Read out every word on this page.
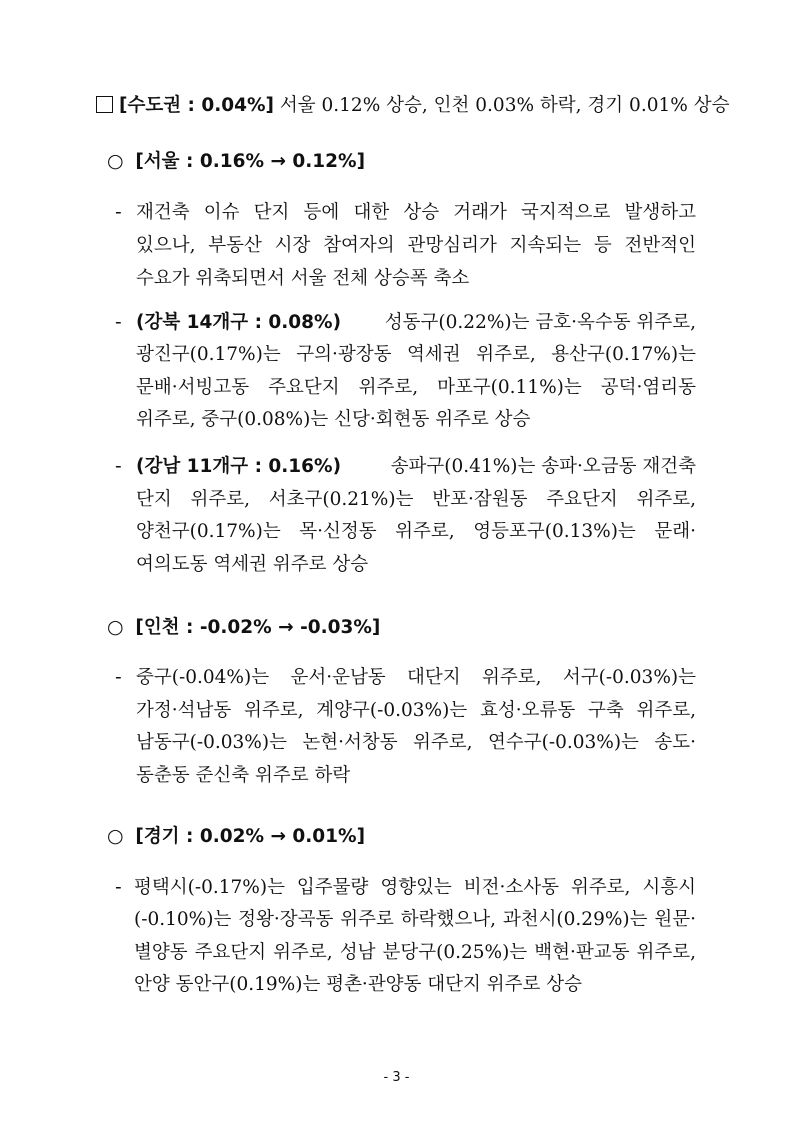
[수도권 : 0.04%] 서울 0.12% 상승, 인천 0.03% 하락, 경기 0.01% 상승
○ [서울 : 0.16% → 0.12%]
- 재건축 이슈 단지 등에 대한 상승 거래가 국지적으로 발생하고
있으나, 부동산 시장 참여자의 관망심리가 지속되는 등 전반적인
수요가 위축되면서 서울 전체 상승폭 축소
- (강북 14개구 : 0.08%) 성동구(0.22%)는 금호·옥수동 위주로,
광진구(0.17%)는 구의·광장동 역세권 위주로, 용산구(0.17%)는
문배·서빙고동 주요단지 위주로, 마포구(0.11%)는 공덕·염리동
위주로, 중구(0.08%)는 신당·회현동 위주로 상승
- (강남 11개구 : 0.16%)	송파구(0.41%)는 송파·오금동 재건축
단지 위주로, 서초구(0.21%)는 반포·잠원동 주요단지 위주로,
양천구(0.17%)는 목·신정동 위주로, 영등포구(0.13%)는 문래·
여의도동 역세권 위주로 상승
○ [인천 : -0.02% → -0.03%]
- 중구(-0.04%)는 운서·운남동 대단지 위주로, 서구(-0.03%)는
가정·석남동 위주로, 계양구(-0.03%)는 효성·오류동 구축 위주로,
남동구(-0.03%)는 논현·서창동 위주로, 연수구(-0.03%)는 송도·
동춘동 준신축 위주로 하락
○ [경기 : 0.02% → 0.01%]
- 평택시(-0.17%)는 입주물량 영향있는 비전·소사동 위주로, 시흥시
(-0.10%)는 정왕·장곡동 위주로 하락했으나, 과천시(0.29%)는 원문·
별양동 주요단지 위주로, 성남 분당구(0.25%)는 백현·판교동 위주로,
안양 동안구(0.19%)는 평촌·관양동 대단지 위주로 상승
- 3 -
